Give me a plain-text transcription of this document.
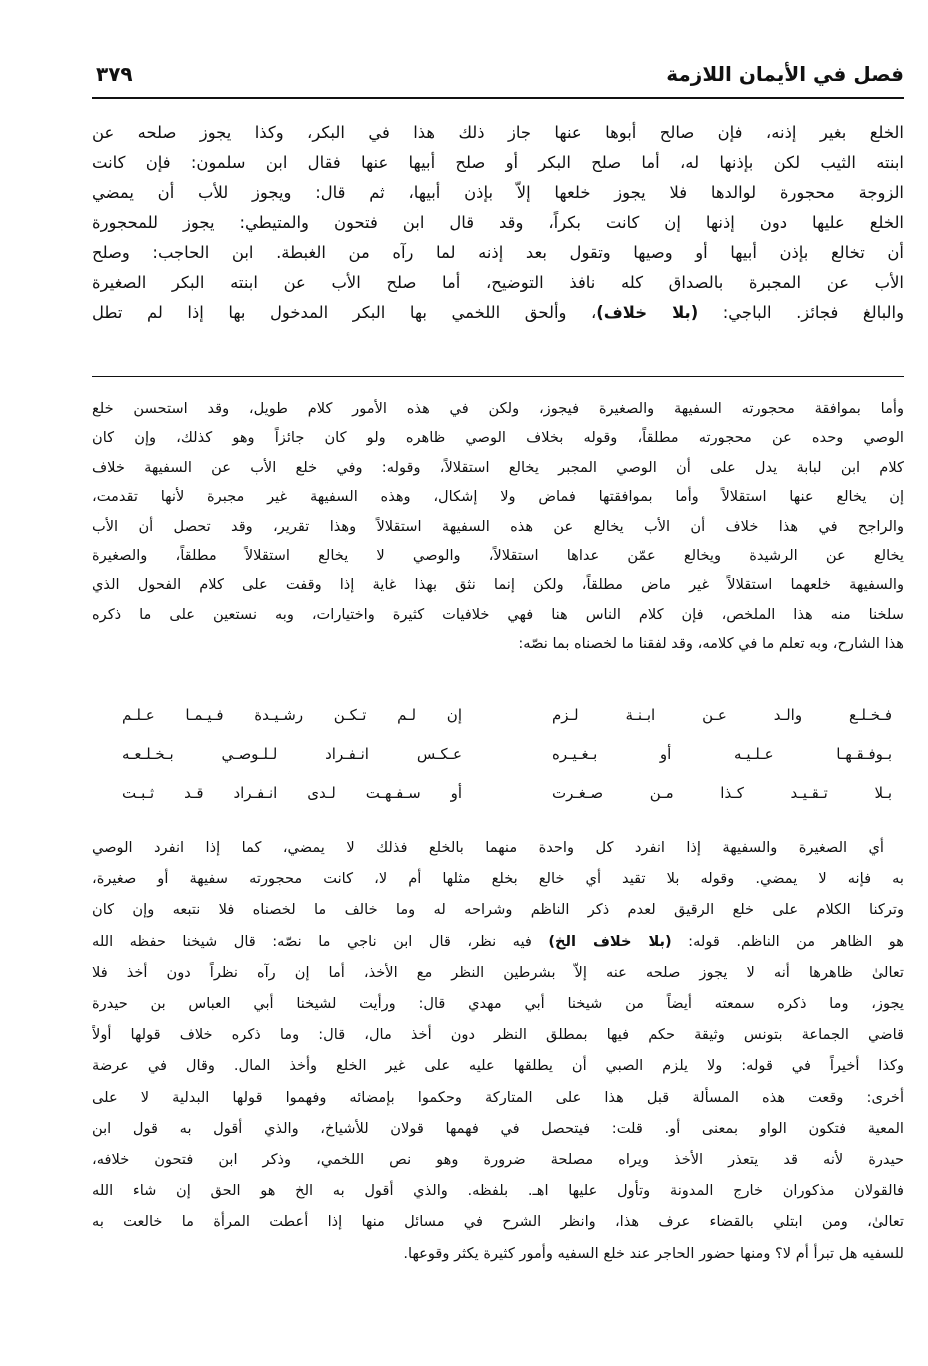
فصل في الأيمان اللازمة
٣٧٩
الخلع بغير إذنه، فإن صالح أبوها عنها جاز ذلك هذا في البكر، وكذا يجوز صلحه عن
ابنته الثيب لكن بإذنها له، أما صلح البكر أو صلح أبيها عنها فقال ابن سلمون: فإن كانت
الزوجة محجورة لوالدها فلا يجوز خلعها إلاّ بإذن أبيها، ثم قال: ويجوز للأب أن يمضي
الخلع عليها دون إذنها إن كانت بكراً، وقد قال ابن فتحون والمتيطي: يجوز للمحجورة
أن تخالع بإذن أبيها أو وصيها وتقول بعد إذنه لما رآه من الغبطة. ابن الحاجب: وصلح
الأب عن المجبرة بالصداق كله نافذ التوضيح، أما صلح الأب عن ابنته البكر الصغيرة
والبالغ فجائز. الباجي: (بلا خلاف)، وألحق اللخمي بها البكر المدخول بها إذا لم تطل
وأما بموافقة محجورته السفيهة والصغيرة فيجوز، ولكن في هذه الأمور كلام طويل، وقد استحسن خلع
الوصي وحده عن محجورته مطلقاً، وقوله بخلاف الوصي ظاهره ولو كان جائزاً وهو كذلك، وإن كان
كلام ابن لبابة يدل على أن الوصي المجبر يخالع استقلالاً، وقوله: وفي خلع الأب عن السفيهة خلاف
إن يخالع عنها استقلالاً وأما بموافقتها فماض ولا إشكال، وهذه السفيهة غير مجبرة لأنها تقدمت،
والراجح في هذا خلاف أن الأب يخالع عن هذه السفيهة استقلالاً وهذا تقرير، وقد تحصل أن الأب
يخالع عن الرشيدة ويخالع عمّن عداها استقلالاً، والوصي لا يخالع استقلالاً مطلقاً، والصغيرة
والسفيهة خلعهما استقلالاً غير ماض مطلقاً، ولكن إنما نثق بهذا غاية إذا وقفت على كلام الفحول الذي
سلخنا منه هذا الملخص، فإن كلام الناس هنا فهي خلافيات كثيرة واختيارات، وبه نستعين على ما ذكره
هذا الشارح، وبه تعلم ما في كلامه، وقد لفقنا ما لخصناه بما نصّه:
فـخـلـع والـد عـن ابـنـة لـزم
إن لـم تـكـن رشـيـدة فـيـمـا عـلـم
بـوفـقـهـا عـلـيـه أو بـغـيـره
عـكـس انـفـراد لـلـوصـي بـخـلـعـه
بـلا تـقـيـد كـذا مـن صـغـرت
أو سـفـهـت لـدى انـفـراد قـد ثـبـت
أي الصغيرة والسفيهة إذا انفرد كل واحدة منهما بالخلع فذلك لا يمضي، كما إذا انفرد الوصي
به فإنه لا يمضي. وقوله بلا تقيد أي خالع بخلع مثلها أم لا، كانت محجورته سفيهة أو صغيرة،
وتركنا الكلام على خلع الرقيق لعدم ذكر الناظم وشراحه له وما خالف ما لخصناه فلا نتبعه وإن كان
هو الظاهر من الناظم. قوله: (بلا خلاف الخ) فيه نظر، قال ابن ناجي ما نصّه: قال شيخنا حفظه الله
تعالىٰ ظاهرها أنه لا يجوز صلحه عنه إلاّ بشرطين النظر مع الأخذ، أما إن رآه نظراً دون أخذ فلا
يجوز، وما ذكره سمعته أيضاً من شيخنا أبي مهدي قال: ورأيت لشيخنا أبي العباس بن حيدرة
قاضي الجماعة بتونس وثيقة حكم فيها بمطلق النظر دون أخذ مال، قال: وما ذكره خلاف قولها أولاً
وكذا أخيراً في قوله: ولا يلزم الصبي أن يطلقها عليه على غير الخلع وأخذ المال. وقال في عرضة
أخرى: وقعت هذه المسألة قبل هذا على المتاركة وحكموا بإمضائه وفهموا قولها البدلية لا على
المعية فتكون الواو بمعنى أو. قلت: فيتحصل في فهمها قولان للأشياخ، والذي أقول به قول ابن
حيدرة لأنه قد يتعذر الأخذ ويراه مصلحة ضرورة وهو نص اللخمي، وذكر ابن فتحون خلافه،
فالقولان مذكوران خارج المدونة وتأول عليها اهـ. بلفظه. والذي أقول به الخ هو الحق إن شاء الله
تعالىٰ، ومن ابتلي بالقضاء عرف هذا، وانظر الشرح في مسائل منها إذا أعطت المرأة ما خالعت به
للسفيه هل تبرأ أم لا؟ ومنها حضور الحاجر عند خلع السفيه وأمور كثيرة يكثر وقوعها.
